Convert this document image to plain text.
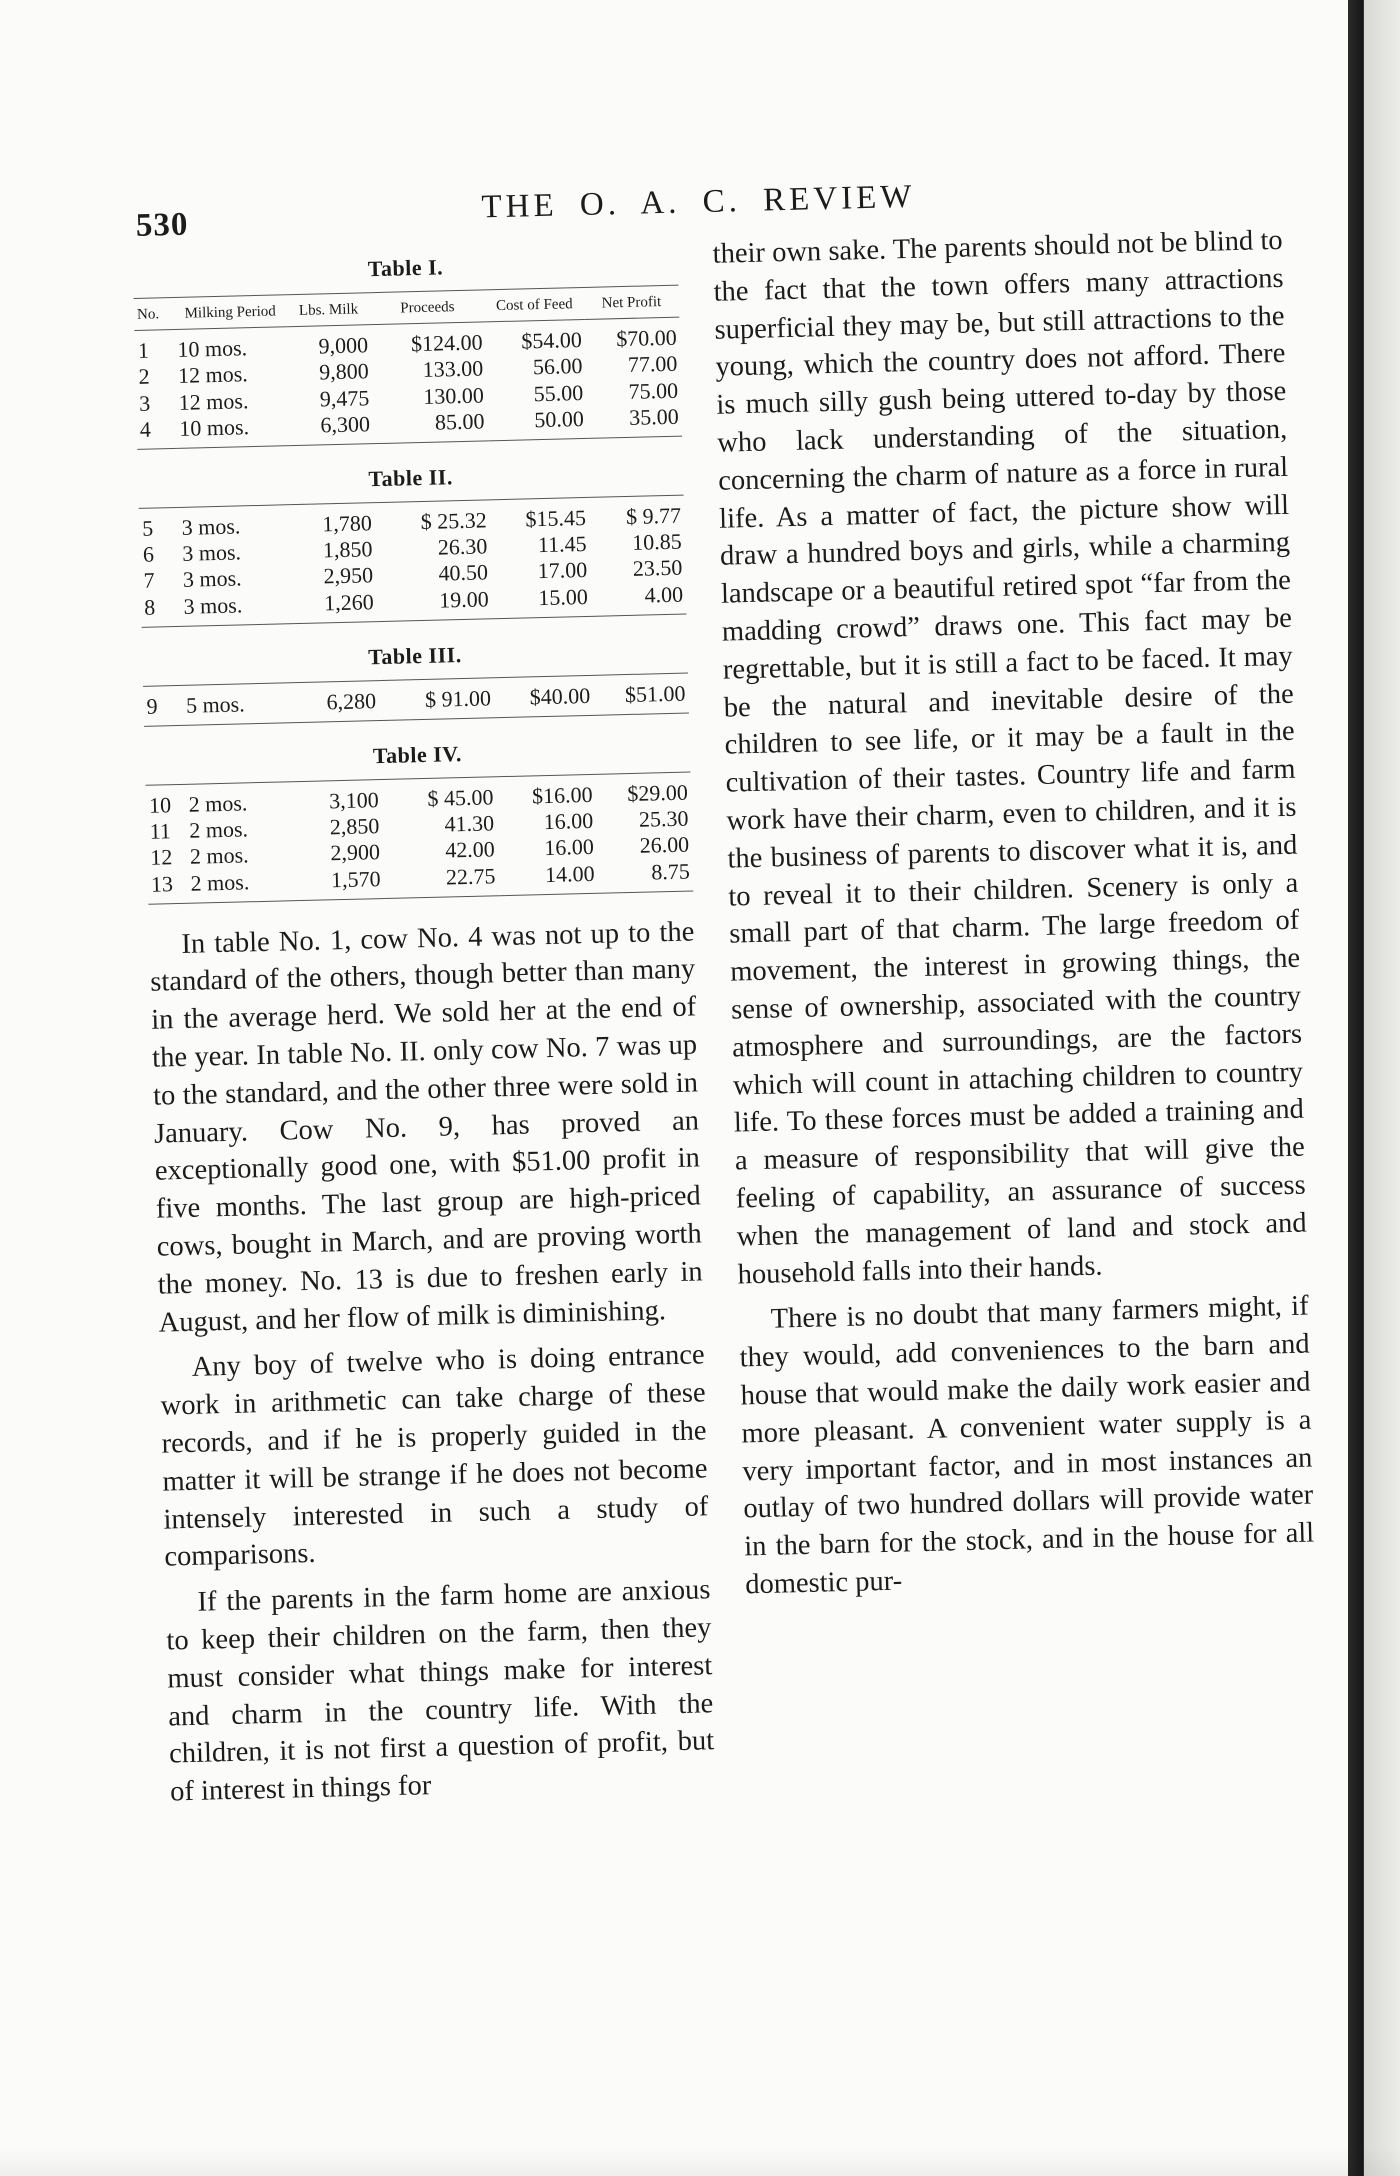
530	THE O. A. C. REVIEW
Table I.
No.	Milking Period	Lbs. Milk	Proceeds	Cost of Feed	Net Profit
1	10 mos.	9,000	$124.00	$54.00	$70.00
2	12 mos.	9,800	133.00	56.00	77.00
3	12 mos.	9,475	130.00	55.00	75.00
4	10 mos.	6,300	85.00	50.00	35.00
Table II.
5	3 mos.	1,780	$ 25.32	$15.45	$ 9.77
6	3 mos.	1,850	26.30	11.45	10.85
7	3 mos.	2,950	40.50	17.00	23.50
8	3 mos.	1,260	19.00	15.00	4.00
Table III.
9	5 mos.	6,280	$ 91.00	$40.00	$51.00
Table IV.
10	2 mos.	3,100	$ 45.00	$16.00	$29.00
11	2 mos.	2,850	41.30	16.00	25.30
12	2 mos.	2,900	42.00	16.00	26.00
13	2 mos.	1,570	22.75	14.00	8.75

In table No. 1, cow No. 4 was not up to the standard of the others, though better than many in the average herd. We sold her at the end of the year. In table No. II. only cow No. 7 was up to the standard, and the other three were sold in January. Cow No. 9, has proved an exceptionally good one, with $51.00 profit in five months. The last group are high-priced cows, bought in March, and are proving worth the money. No. 13 is due to freshen early in August, and her flow of milk is diminishing.

Any boy of twelve who is doing entrance work in arithmetic can take charge of these records, and if he is properly guided in the matter it will be strange if he does not become intensely interested in such a study of comparisons.

If the parents in the farm home are anxious to keep their children on the farm, then they must consider what things make for interest and charm in the country life. With the children, it is not first a question of profit, but of interest in things for

their own sake. The parents should not be blind to the fact that the town offers many attractions superficial they may be, but still attractions to the young, which the country does not afford. There is much silly gush being uttered to-day by those who lack understanding of the situation, concerning the charm of nature as a force in rural life. As a matter of fact, the picture show will draw a hundred boys and girls, while a charming landscape or a beautiful retired spot “far from the madding crowd” draws one. This fact may be regrettable, but it is still a fact to be faced. It may be the natural and inevitable desire of the children to see life, or it may be a fault in the cultivation of their tastes. Country life and farm work have their charm, even to children, and it is the business of parents to discover what it is, and to reveal it to their children. Scenery is only a small part of that charm. The large freedom of movement, the interest in growing things, the sense of ownership, associated with the country atmosphere and surroundings, are the factors which will count in attaching children to country life. To these forces must be added a training and a measure of responsibility that will give the feeling of capability, an assurance of success when the management of land and stock and household falls into their hands.

There is no doubt that many farmers might, if they would, add conveniences to the barn and house that would make the daily work easier and more pleasant. A convenient water supply is a very important factor, and in most instances an outlay of two hundred dollars will provide water in the barn for the stock, and in the house for all domestic pur-
